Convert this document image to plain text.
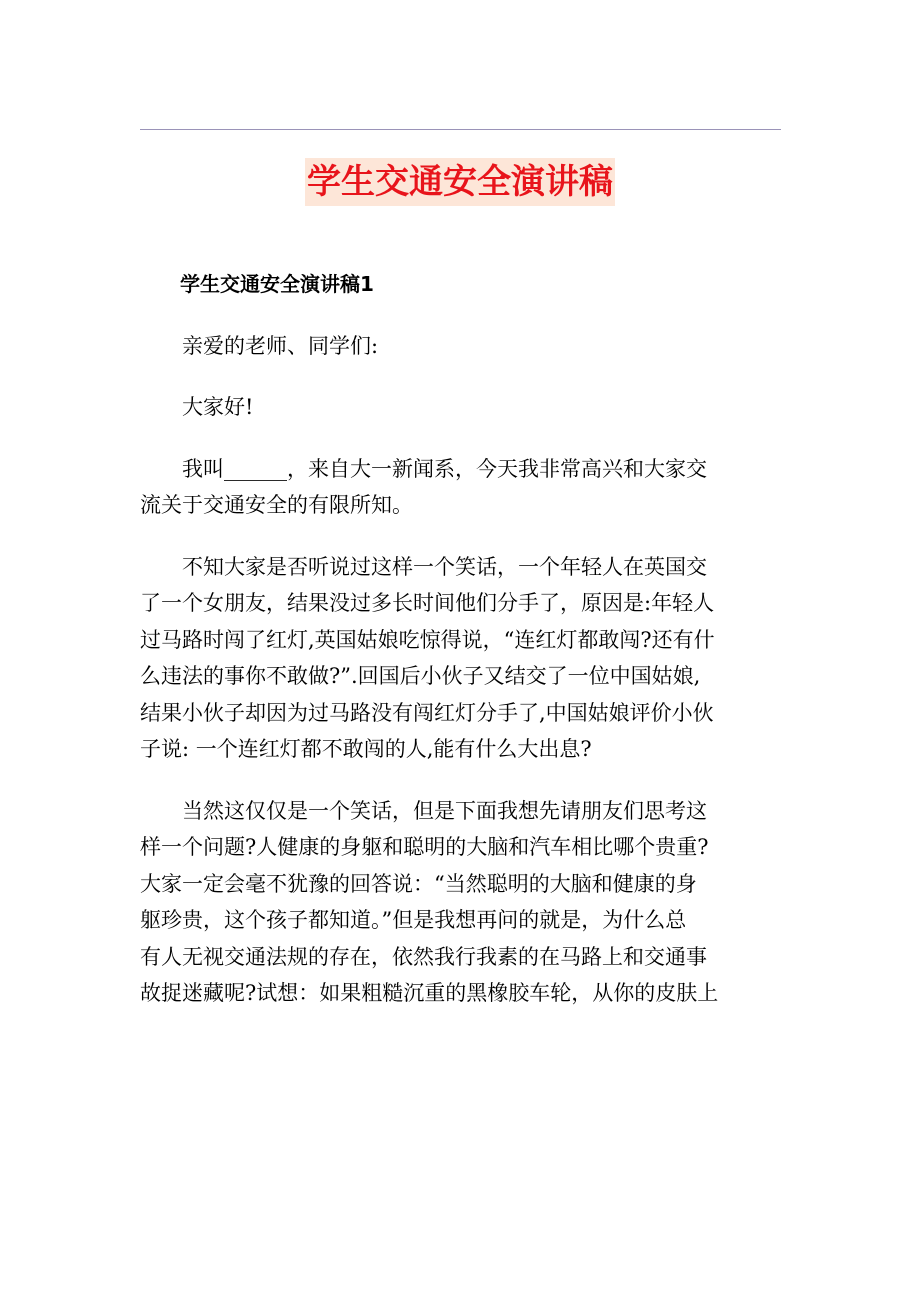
学生交通安全演讲稿

学生交通安全演讲稿1

亲爱的老师、同学们:

大家好!

我叫______，来自大一新闻系，今天我非常高兴和大家交
流关于交通安全的有限所知。

不知大家是否听说过这样一个笑话，一个年轻人在英国交
了一个女朋友，结果没过多长时间他们分手了，原因是:年轻人
过马路时闯了红灯,英国姑娘吃惊得说，“连红灯都敢闯?还有什
么违法的事你不敢做?”.回国后小伙子又结交了一位中国姑娘,
结果小伙子却因为过马路没有闯红灯分手了,中国姑娘评价小伙
子说: 一个连红灯都不敢闯的人,能有什么大出息?

当然这仅仅是一个笑话，但是下面我想先请朋友们思考这
样一个问题?人健康的身躯和聪明的大脑和汽车相比哪个贵重?
大家一定会毫不犹豫的回答说：“当然聪明的大脑和健康的身
躯珍贵，这个孩子都知道。”但是我想再问的就是，为什么总
有人无视交通法规的存在，依然我行我素的在马路上和交通事
故捉迷藏呢?试想：如果粗糙沉重的黑橡胶车轮，从你的皮肤上
